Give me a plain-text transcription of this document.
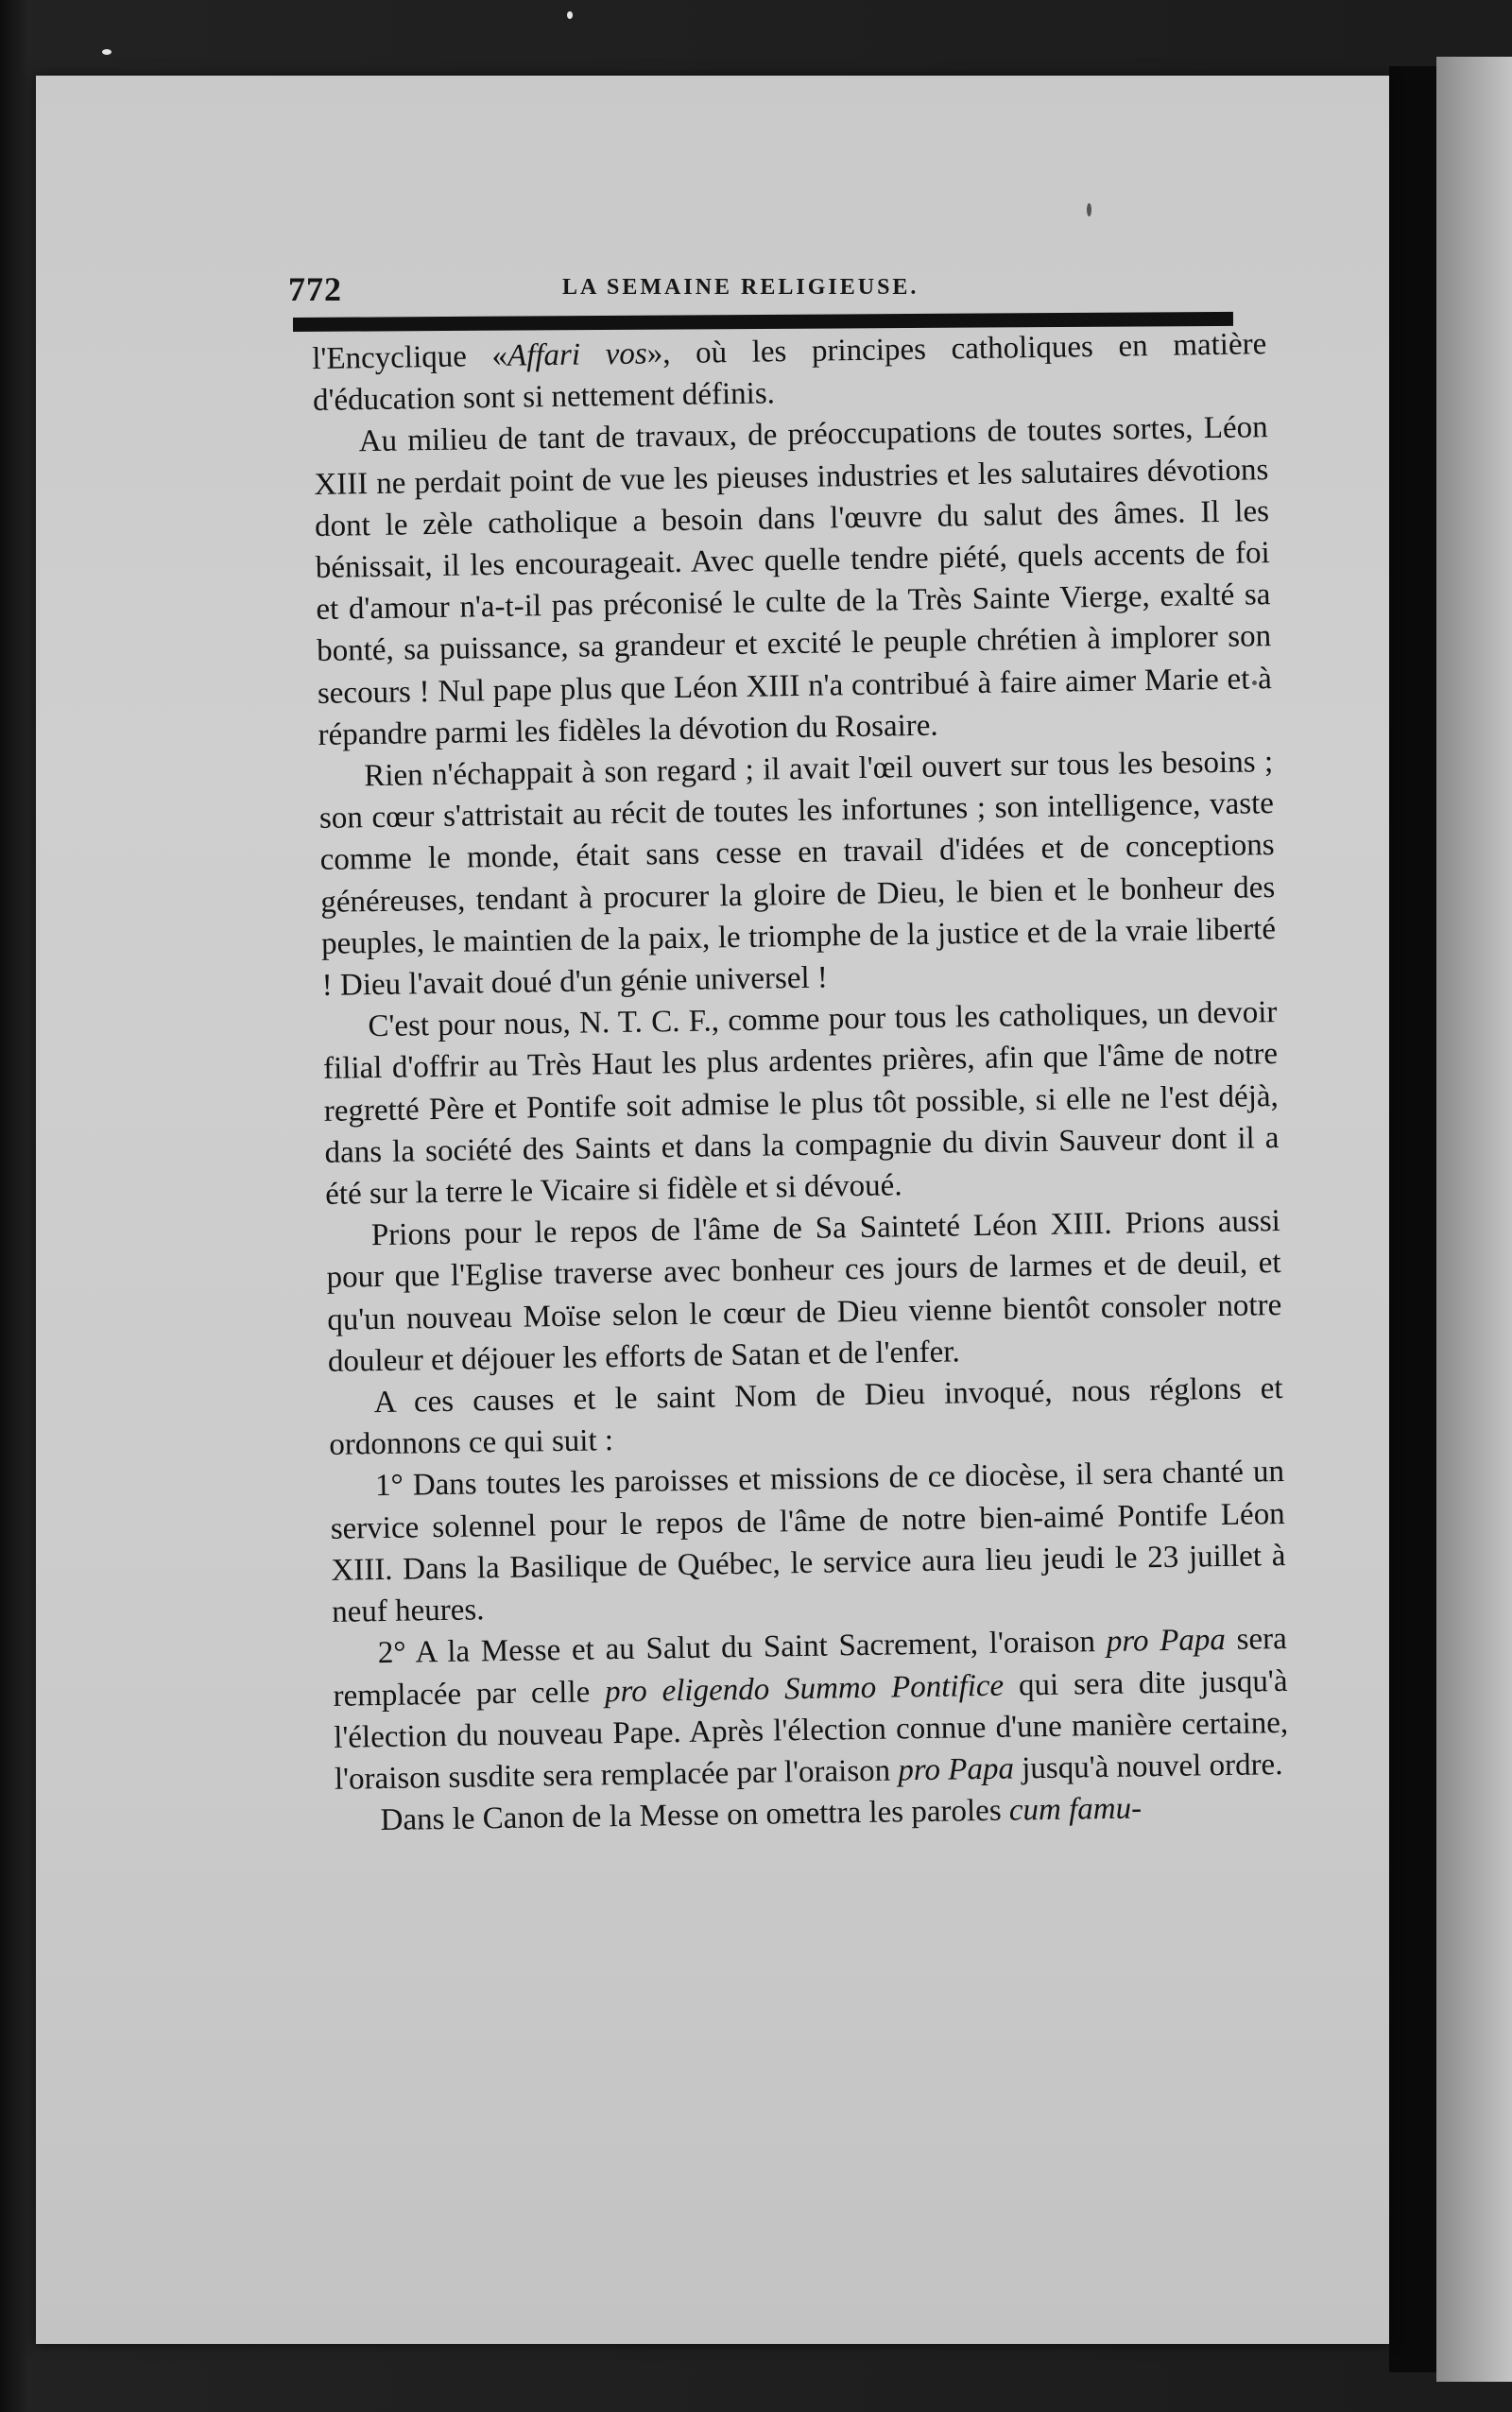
772	LA SEMAINE RELIGIEUSE.

l'Encyclique «Affari vos», où les principes catholiques en matière d'éducation sont si nettement définis.

Au milieu de tant de travaux, de préoccupations de toutes sortes, Léon XIII ne perdait point de vue les pieuses industries et les salutaires dévotions dont le zèle catholique a besoin dans l'œuvre du salut des âmes. Il les bénissait, il les encourageait. Avec quelle tendre piété, quels accents de foi et d'amour n'a-t-il pas préconisé le culte de la Très Sainte Vierge, exalté sa bonté, sa puissance, sa grandeur et excité le peuple chrétien à implorer son secours ! Nul pape plus que Léon XIII n'a contribué à faire aimer Marie et à répandre parmi les fidèles la dévotion du Rosaire.

Rien n'échappait à son regard ; il avait l'œil ouvert sur tous les besoins ; son cœur s'attristait au récit de toutes les infortunes ; son intelligence, vaste comme le monde, était sans cesse en travail d'idées et de conceptions généreuses, tendant à procurer la gloire de Dieu, le bien et le bonheur des peuples, le maintien de la paix, le triomphe de la justice et de la vraie liberté ! Dieu l'avait doué d'un génie universel !

C'est pour nous, N. T. C. F., comme pour tous les catholiques, un devoir filial d'offrir au Très Haut les plus ardentes prières, afin que l'âme de notre regretté Père et Pontife soit admise le plus tôt possible, si elle ne l'est déjà, dans la société des Saints et dans la compagnie du divin Sauveur dont il a été sur la terre le Vicaire si fidèle et si dévoué.

Prions pour le repos de l'âme de Sa Sainteté Léon XIII. Prions aussi pour que l'Eglise traverse avec bonheur ces jours de larmes et de deuil, et qu'un nouveau Moïse selon le cœur de Dieu vienne bientôt consoler notre douleur et déjouer les efforts de Satan et de l'enfer.

A ces causes et le saint Nom de Dieu invoqué, nous réglons et ordonnons ce qui suit :

1° Dans toutes les paroisses et missions de ce diocèse, il sera chanté un service solennel pour le repos de l'âme de notre bien-aimé Pontife Léon XIII. Dans la Basilique de Québec, le service aura lieu jeudi le 23 juillet à neuf heures.

2° A la Messe et au Salut du Saint Sacrement, l'oraison pro Papa sera remplacée par celle pro eligendo Summo Pontifice qui sera dite jusqu'à l'élection du nouveau Pape. Après l'élection connue d'une manière certaine, l'oraison susdite sera remplacée par l'oraison pro Papa jusqu'à nouvel ordre.

Dans le Canon de la Messe on omettra les paroles cum famu-
